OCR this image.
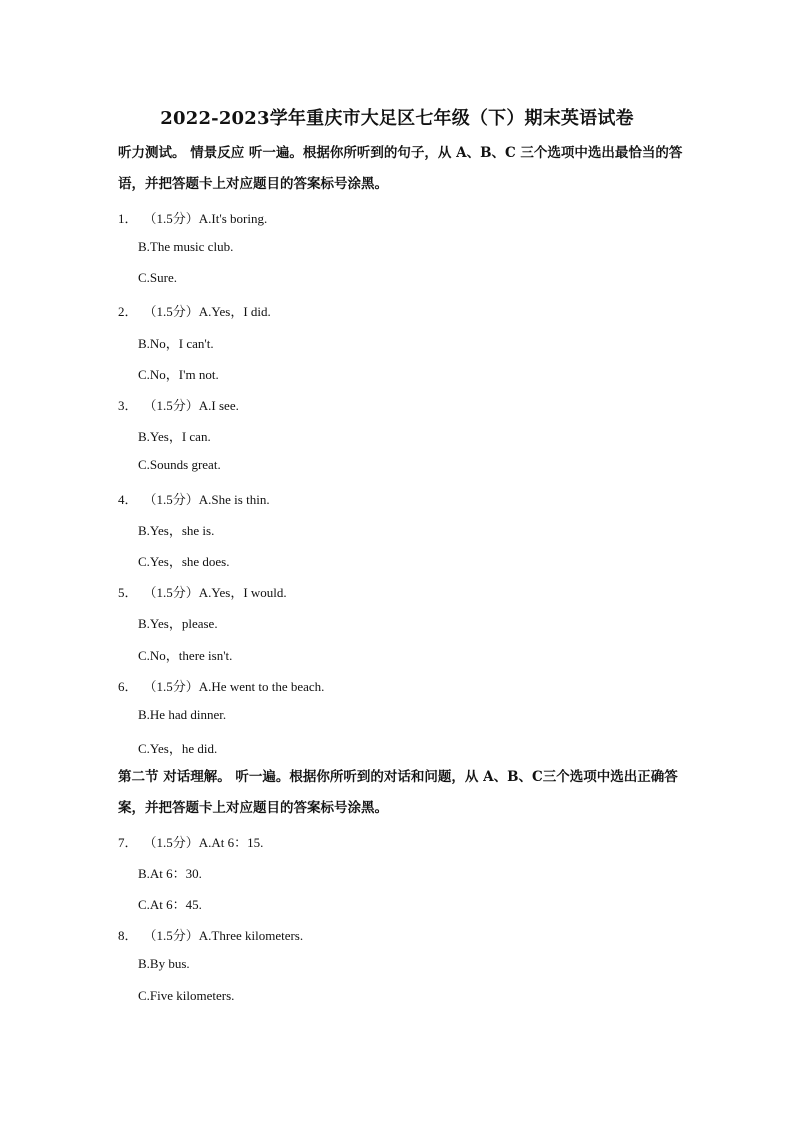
2022-2023学年重庆市大足区七年级（下）期末英语试卷
听力测试。 情景反应 听一遍。根据你所听到的句子，从 A、B、C 三个选项中选出最恰当的答语，并把答题卡上对应题目的答案标号涂黑。
1． （1.5分）A.It's boring.
B.The music club.
C.Sure.
2． （1.5分）A.Yes，I did.
B.No，I can't.
C.No，I'm not.
3． （1.5分）A.I see.
B.Yes，I can.
C.Sounds great.
4． （1.5分）A.She is thin.
B.Yes，she is.
C.Yes，she does.
5． （1.5分）A.Yes，I would.
B.Yes，please.
C.No，there isn't.
6． （1.5分）A.He went to the beach.
B.He had dinner.
C.Yes，he did.
第二节 对话理解。 听一遍。根据你所听到的对话和问题，从 A、B、C三个选项中选出正确答案，并把答题卡上对应题目的答案标号涂黑。
7． （1.5分）A.At 6：15.
B.At 6：30.
C.At 6：45.
8． （1.5分）A.Three kilometers.
B.By bus.
C.Five kilometers.
